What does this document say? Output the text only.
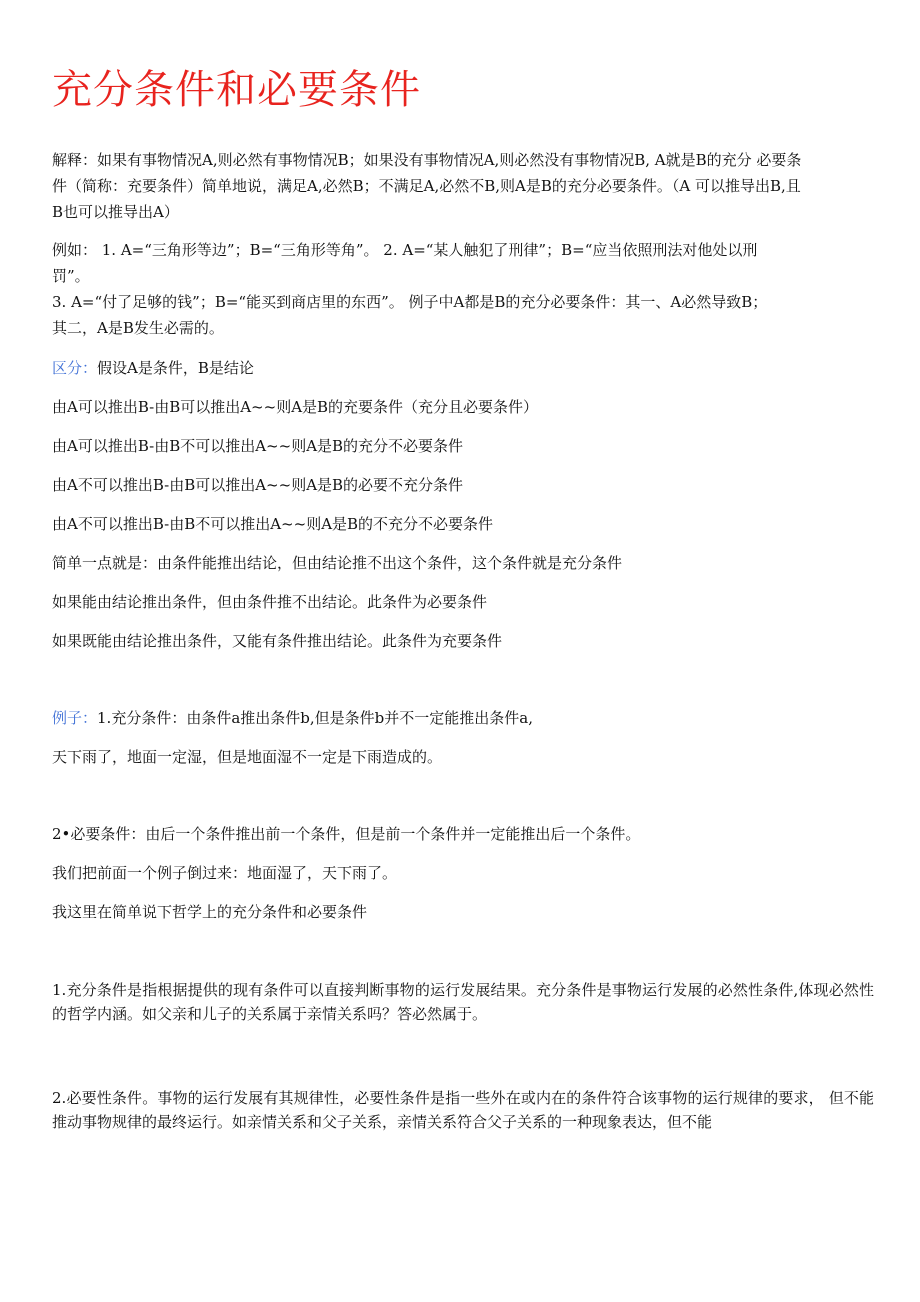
充分条件和必要条件

解释：如果有事物情况A,则必然有事物情况B；如果没有事物情况A,则必然没有事物情况B, A就是B的充分 必要条

件（简称：充要条件）简单地说，满足A,必然B；不满足A,必然不B,则A是B的充分必要条件。（A 可以推导出B,且

B也可以推导出A）

例如： 1. A=“三角形等边”；B=“三角形等角”。 2. A=“某人触犯了刑律”；B=“应当依照刑法对他处以刑

罚”。

3. A=“付了足够的钱”；B=“能买到商店里的东西”。 例子中A都是B的充分必要条件：其一、A必然导致B；

其二，A是B发生必需的。

区分：假设A是条件，B是结论

由A可以推出B-由B可以推出A~~则A是B的充要条件（充分且必要条件）

由A可以推出B-由B不可以推出A~~则A是B的充分不必要条件

由A不可以推出B-由B可以推出A~~则A是B的必要不充分条件

由A不可以推出B-由B不可以推出A~~则A是B的不充分不必要条件

简单一点就是：由条件能推出结论，但由结论推不出这个条件，这个条件就是充分条件

如果能由结论推出条件，但由条件推不出结论。此条件为必要条件

如果既能由结论推出条件，又能有条件推出结论。此条件为充要条件

例子：1.充分条件：由条件a推出条件b,但是条件b并不一定能推出条件a,

天下雨了，地面一定湿，但是地面湿不一定是下雨造成的。

2•必要条件：由后一个条件推出前一个条件，但是前一个条件并一定能推出后一个条件。

我们把前面一个例子倒过来：地面湿了，天下雨了。

我这里在简单说下哲学上的充分条件和必要条件

1.充分条件是指根据提供的现有条件可以直接判断事物的运行发展结果。充分条件是事物运行发展的必然性条件,体现必然性的哲学内涵。如父亲和儿子的关系属于亲情关系吗？答必然属于。

2.必要性条件。事物的运行发展有其规律性，必要性条件是指一些外在或内在的条件符合该事物的运行规律的要求， 但不能推动事物规律的最终运行。如亲情关系和父子关系，亲情关系符合父子关系的一种现象表达，但不能
